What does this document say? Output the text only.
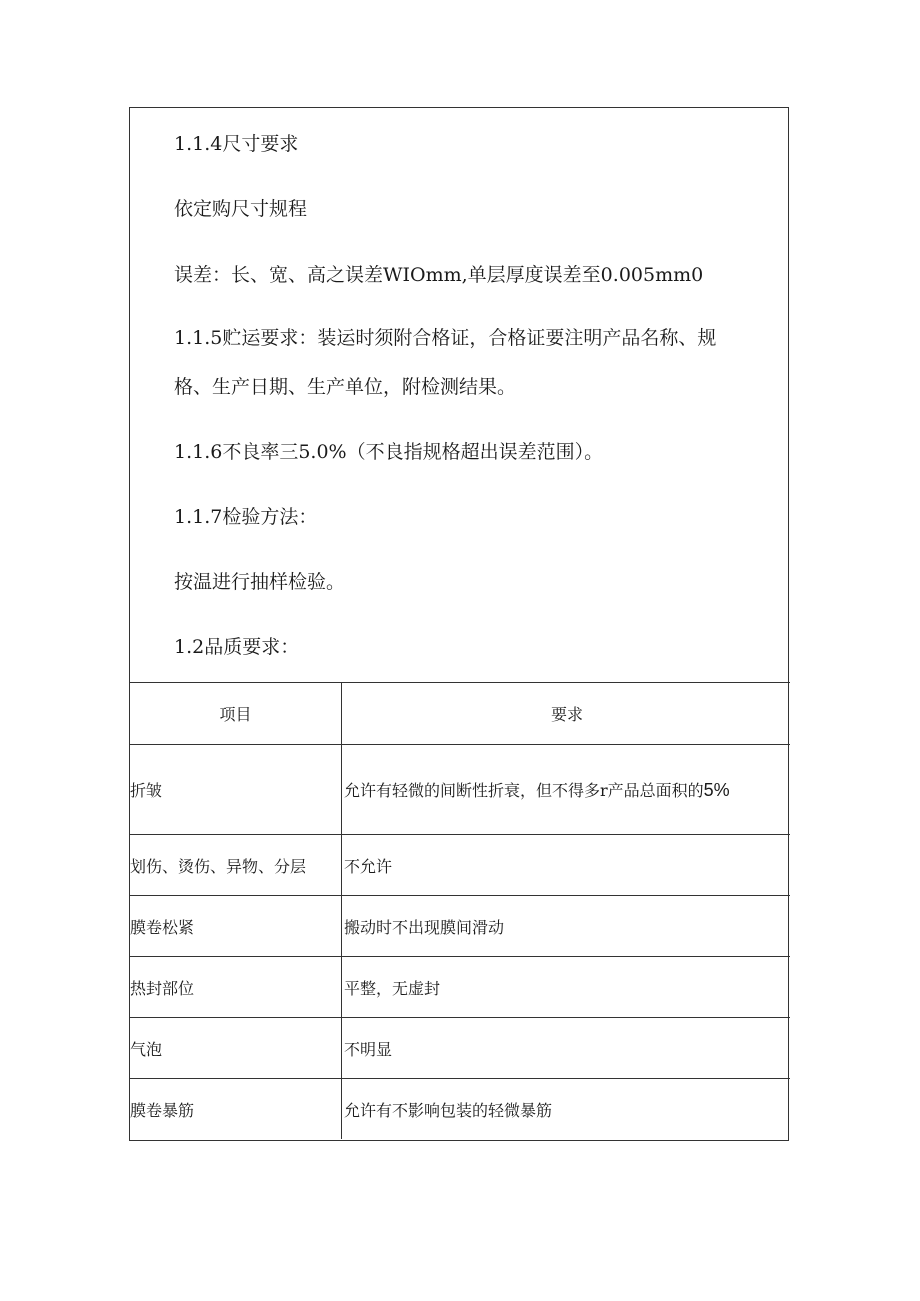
1.1.4尺寸要求
依定购尺寸规程
误差：长、宽、高之误差WIOmm,单层厚度误差至0.005mm0
1.1.5贮运要求：装运时须附合格证，合格证要注明产品名称、规
格、生产日期、生产单位，附检测结果。
1.1.6不良率三5.0%（不良指规格超出误差范围）。
1.1.7检验方法：
按温进行抽样检验。
1.2品质要求：
项目	要求
折皱	允许有轻微的间断性折衰，但不得多r产品总面积的5%
划伤、烫伤、异物、分层	不允许
膜卷松紧	搬动时不出现膜间滑动
热封部位	平整，无虚封
气泡	不明显
膜卷暴筋	允许有不影响包装的轻微暴筋
